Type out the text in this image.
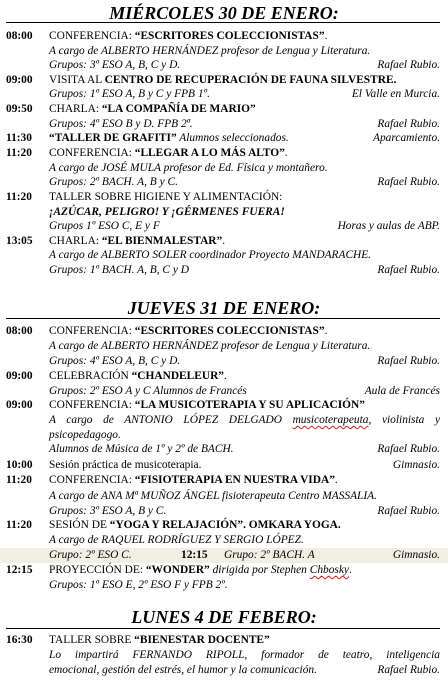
MIÉRCOLES 30 DE ENERO:
08:00	CONFERENCIA: “ESCRITORES COLECCIONISTAS”.
A cargo de ALBERTO HERNÁNDEZ profesor de Lengua y Literatura.
Grupos: 3º ESO A, B, C y D.	Rafael Rubio.
09:00	VISITA AL CENTRO DE RECUPERACIÓN DE FAUNA SILVESTRE.
Grupos: 1º ESO A, B y C y FPB 1º.	El Valle en Murcia.
09:50	CHARLA: “LA COMPAÑÍA DE MARIO”
Grupos: 4º ESO B y D. FPB 2ª.	Rafael Rubio.
11:30	“TALLER DE GRAFITI” Alumnos seleccionados.	Aparcamiento.
11:20	CONFERENCIA: “LLEGAR A LO MÁS ALTO”.
A cargo de JOSÉ MULA profesor de Ed. Física y montañero.
Grupos: 2º BACH. A, B y C.	Rafael Rubio.
11:20	TALLER SOBRE HIGIENE Y ALIMENTACIÓN:
¡AZÚCAR, PELIGRO! Y ¡GÉRMENES FUERA!
Grupos 1º ESO C, E y F	Horas y aulas de ABP.
13:05	CHARLA: “EL BIENMALESTAR”.
A cargo de ALBERTO SOLER coordinador Proyecto MANDARACHE.
Grupos: 1º BACH. A, B, C y D	Rafael Rubio.
JUEVES 31 DE ENERO:
08:00	CONFERENCIA: “ESCRITORES COLECCIONISTAS”.
A cargo de ALBERTO HERNÁNDEZ profesor de Lengua y Literatura.
Grupos: 4º ESO A, B, C y D.	Rafael Rubio.
09:00	CELEBRACIÓN “CHANDELEUR”.
Grupos: 2º ESO A y C Alumnos de Francés	Aula de Francés
09:00	CONFERENCIA: “LA MUSICOTERAPIA Y SU APLICACIÓN”
A cargo de ANTONIO LÓPEZ DELGADO musicoterapeuta, violinista y
psicopedagogo.
Alumnos de Música de 1º y 2º de BACH.	Rafael Rubio.
10:00	Sesión práctica de musicoterapia.	Gimnasio.
11:20	CONFERENCIA: “FISIOTERAPIA EN NUESTRA VIDA”.
A cargo de ANA Mª MUÑOZ ÁNGEL fisioterapeuta Centro MASSALIA.
Grupos: 3º ESO A, B y C.	Rafael Rubio.
11:20	SESIÓN DE “YOGA Y RELAJACIÓN”. OMKARA YOGA.
A cargo de RAQUEL RODRÍGUEZ Y SERGIO LÓPEZ.
Grupo: 2º ESO C.	12:15 Grupo: 2º BACH. A	Gimnasio.
12:15	PROYECCIÓN DE: “WONDER” dirigida por Stephen Chbosky.
Grupos: 1º ESO E, 2º ESO F y FPB 2º.
LUNES 4 DE FEBERO:
16:30	TALLER SOBRE “BIENESTAR DOCENTE”
Lo impartirá FERNANDO RIPOLL, formador de teatro, inteligencia
emocional, gestión del estrés, el humor y la comunicación.	Rafael Rubio.
